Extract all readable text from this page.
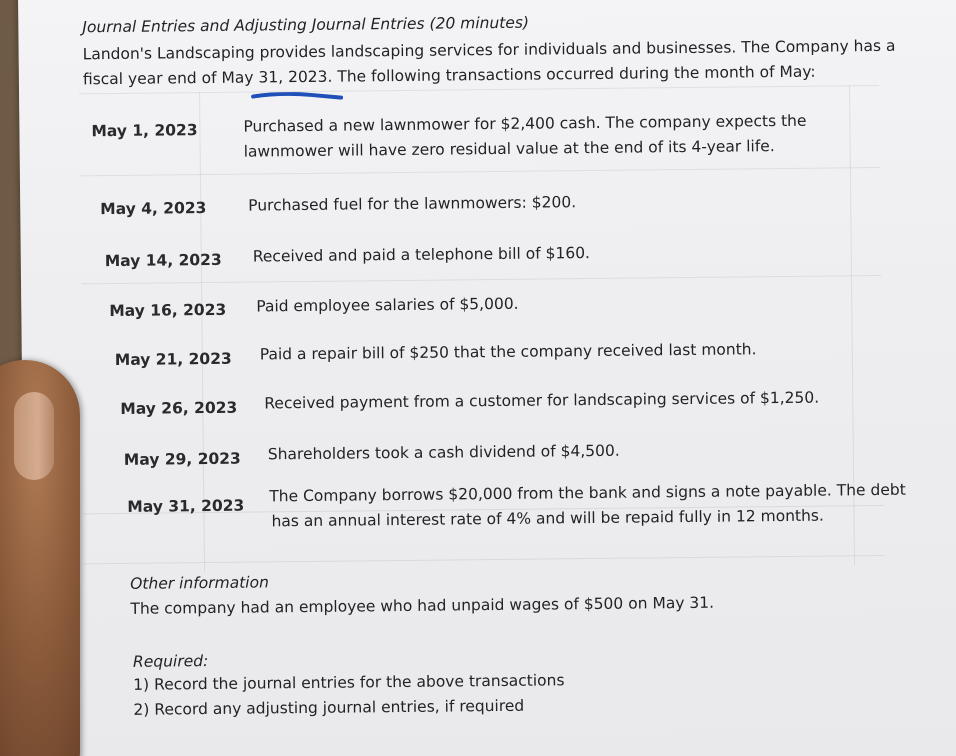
Journal Entries and Adjusting Journal Entries (20 minutes)
Landon's Landscaping provides landscaping services for individuals and businesses. The Company has a
fiscal year end of May 31, 2023. The following transactions occurred during the month of May:
May 1, 2023	Purchased a new lawnmower for $2,400 cash. The company expects the
lawnmower will have zero residual value at the end of its 4-year life.
May 4, 2023	Purchased fuel for the lawnmowers: $200.
May 14, 2023 Received and paid a telephone bill of $160.
May 16, 2023 Paid employee salaries of $5,000.
May 21, 2023 Paid a repair bill of $250 that the company received last month.
May 26, 2023 Received payment from a customer for landscaping services of $1,250.
May 29, 2023 Shareholders took a cash dividend of $4,500.
May 31, 2023
The Company borrows $20,000 from the bank and signs a note payable. The debt
has an annual interest rate of 4% and will be repaid fully in 12 months.
Other information
The company had an employee who had unpaid wages of $500 on May 31.
Required:
1) Record the journal entries for the above transactions
2) Record any adjusting journal entries, if required
